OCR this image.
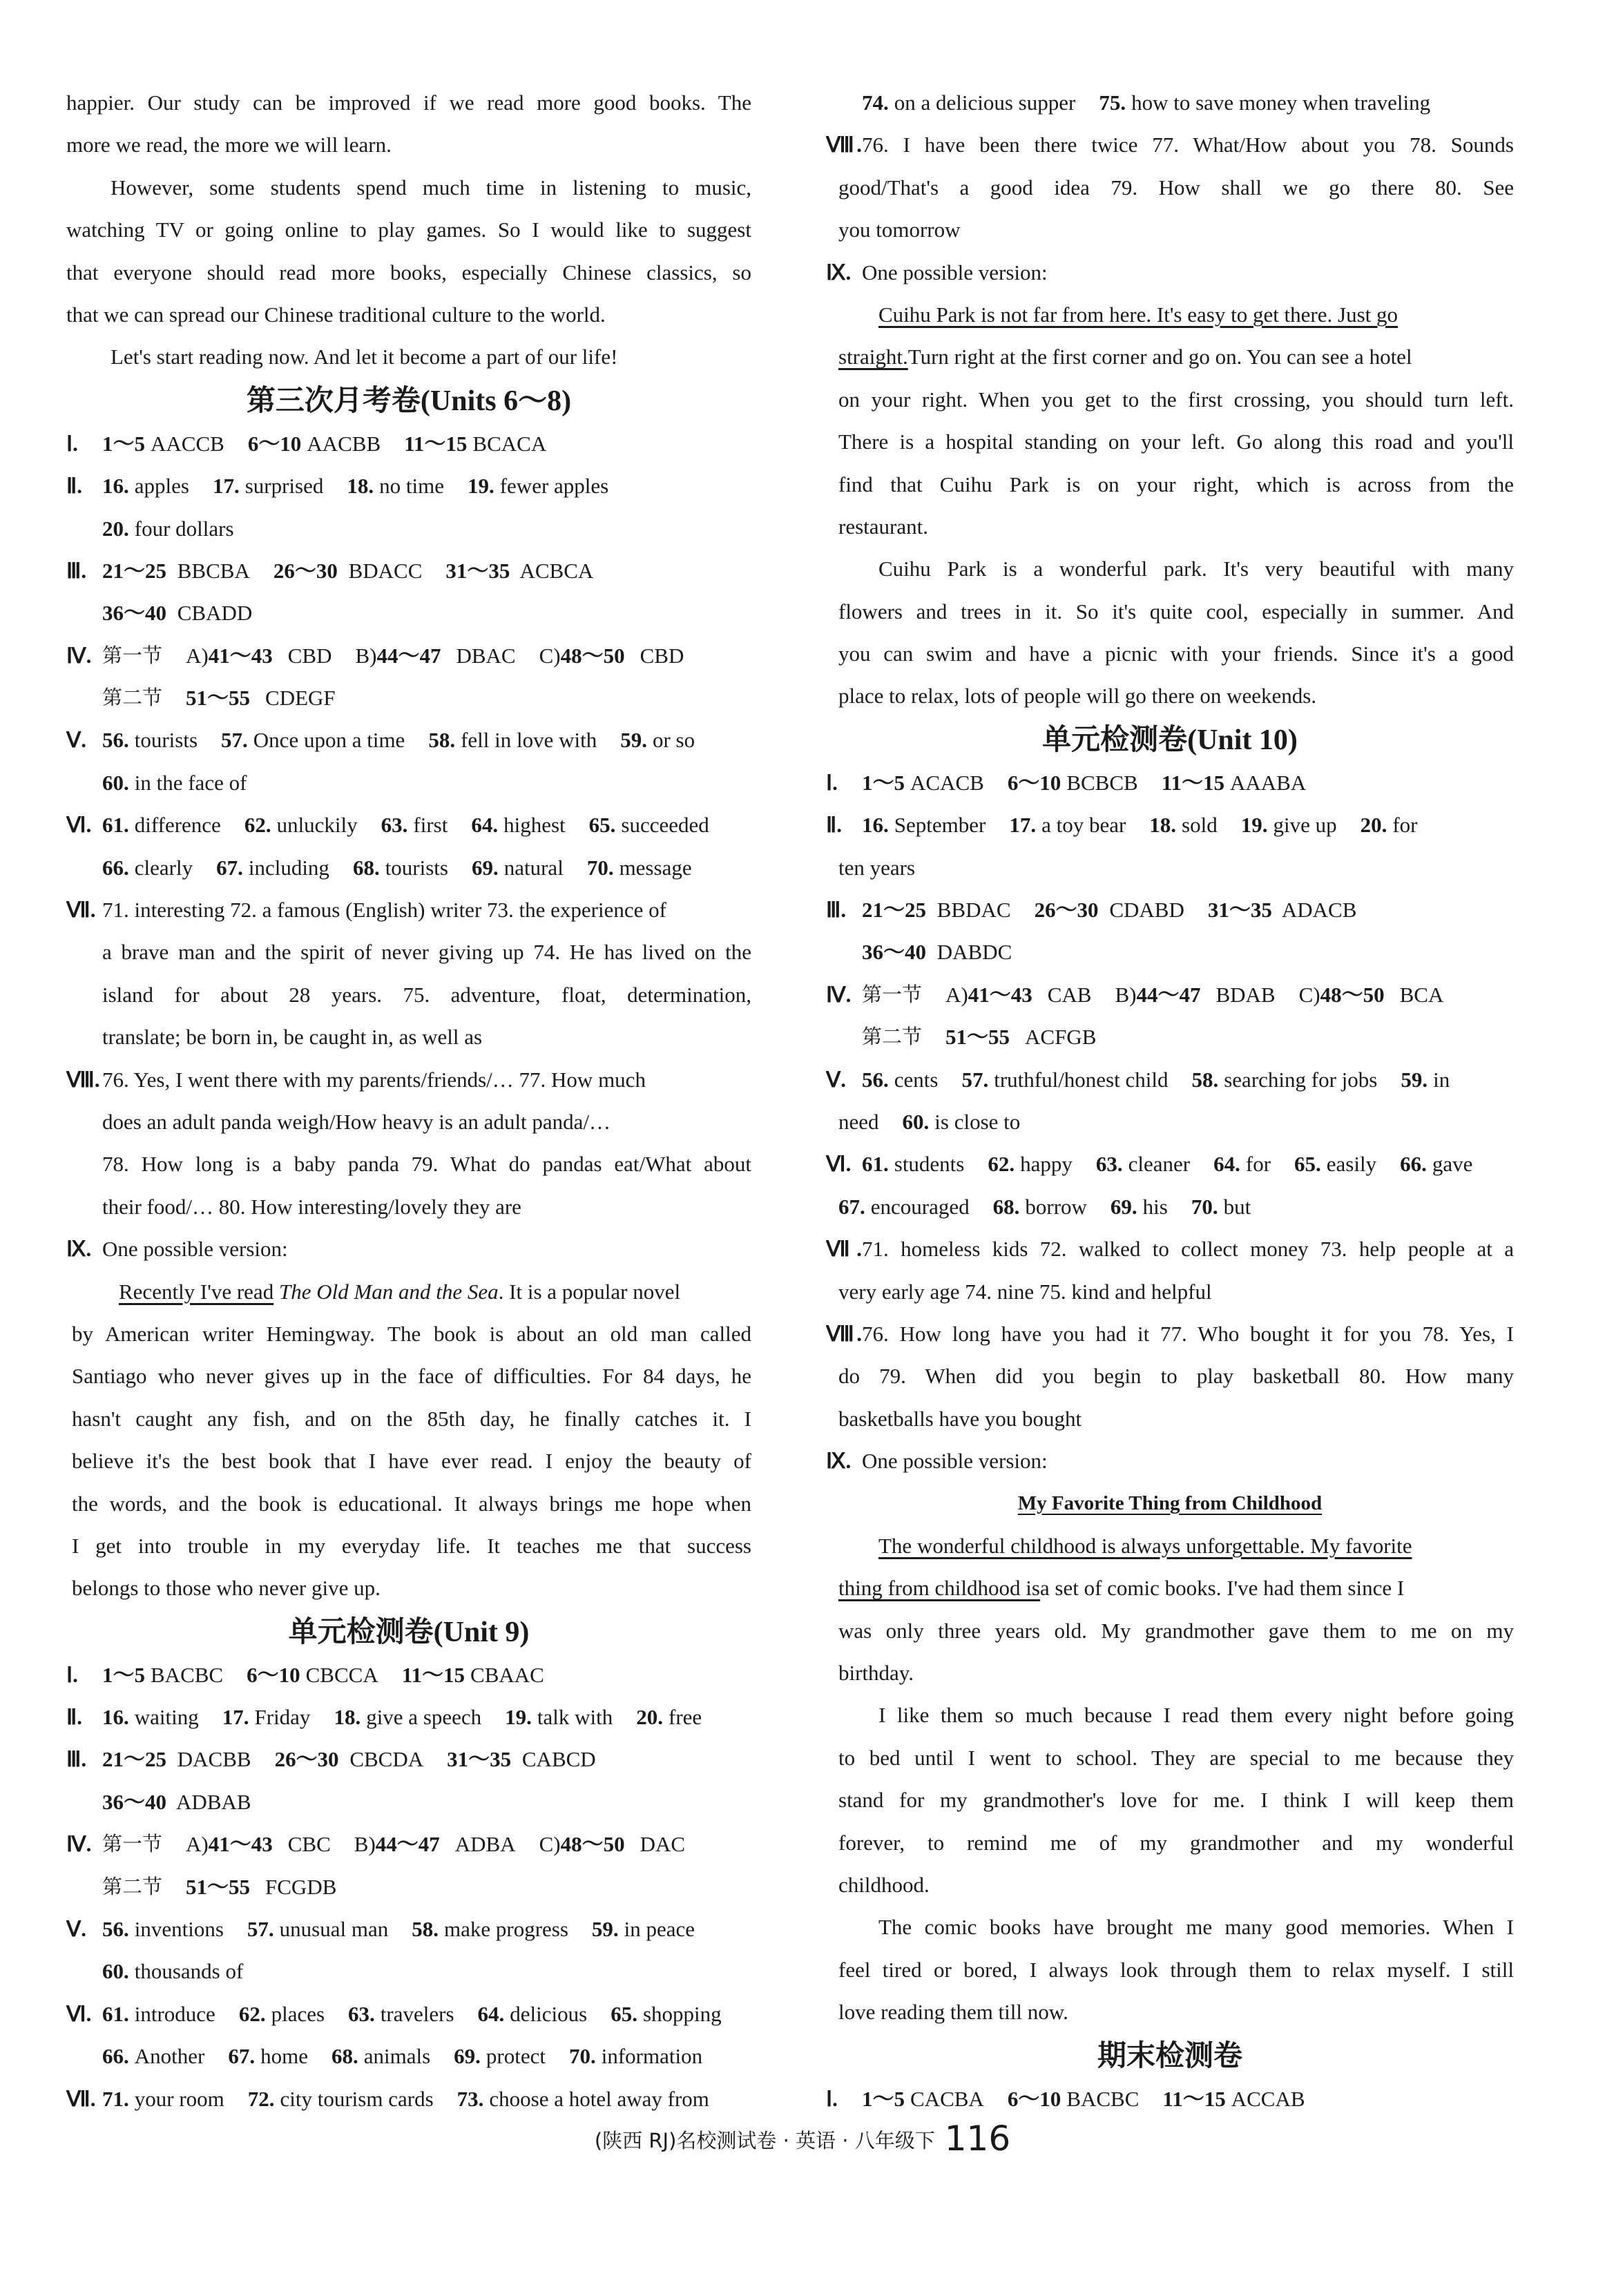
happier. Our study can be improved if we read more good books. The
more we read, the more we will learn.
However, some students spend much time in listening to music,
watching TV or going online to play games. So I would like to suggest
that everyone should read more books, especially Chinese classics, so
that we can spread our Chinese traditional culture to the world.
Let's start reading now. And let it become a part of our life!
第三次月考卷(Units 6～8)
Ⅰ.	1～5 AACCB 6～10 AACBB 11～15 BCACA
Ⅱ. 16. apples 17. surprised 18. no time 19. fewer apples
20. four dollars
Ⅲ. 21～25 BBCBA 26～30 BDACC 31～35 ACBCA
36～40 CBADD
Ⅳ. 第一节 A) 41～43 CBD B) 44～47 DBAC C) 48～50 CBD
第二节 51～55 CDEGF
Ⅴ. 56. tourists 57. Once upon a time 58. fell in love with 59. or so
60. in the face of
Ⅵ. 61. difference 62. unluckily 63. first 64. highest 65. succeeded
66. clearly 67. including 68. tourists 69. natural 70. message
Ⅶ. 71. interesting 72. a famous (English) writer 73. the experience of
a brave man and the spirit of never giving up 74. He has lived on the
island for about 28 years. 75. adventure, float, determination,
translate; be born in, be caught in, as well as
Ⅷ. 76. Yes, I went there with my parents/friends/… 77. How much
does an adult panda weigh/How heavy is an adult panda/…
78. How long is a baby panda 79. What do pandas eat/What about
their food/… 80. How interesting/lovely they are
Ⅸ. One possible version:
Recently I've read
The Old Man and the Sea . It is a popular novel
by American writer Hemingway. The book is about an old man called
Santiago who never gives up in the face of difficulties. For 84 days, he
hasn't caught any fish, and on the 85th day, he finally catches it. I
believe it's the best book that I have ever read. I enjoy the beauty of
the words, and the book is educational. It always brings me hope when
I get into trouble in my everyday life. It teaches me that success
belongs to those who never give up.
单元检测卷(Unit 9)
Ⅰ.	1～5 BACBC 6～10 CBCCA 11～15 CBAAC
Ⅱ. 16. waiting 17. Friday 18. give a speech 19. talk with 20. free
Ⅲ. 21～25 DACBB 26～30 CBCDA 31～35 CABCD
36～40 ADBAB
Ⅳ. 第一节 A) 41～43 CBC B) 44～47 ADBA C) 48～50 DAC
第二节 51～55 FCGDB
Ⅴ. 56. inventions 57. unusual man 58. make progress 59. in peace
60. thousands of
Ⅵ. 61. introduce 62. places 63. travelers 64. delicious 65. shopping
66. Another 67. home 68. animals 69. protect 70. information
Ⅶ. 71. your room 72. city tourism cards 73. choose a hotel away from
74. on a delicious supper 75. how to save money when traveling
Ⅷ.76. I have been there twice 77. What/How about you 78. Sounds
good/That's a good idea 79. How shall we go there 80. See
you tomorrow
Ⅸ. One possible version:
Cuihu Park is not far from here. It's easy to get there. Just go
straight. Turn right at the first corner and go on. You can see a hotel
on your right. When you get to the first crossing, you should turn left.
There is a hospital standing on your left. Go along this road and you'll
find that Cuihu Park is on your right, which is across from the
restaurant.
Cuihu Park is a wonderful park. It's very beautiful with many
flowers and trees in it. So it's quite cool, especially in summer. And
you can swim and have a picnic with your friends. Since it's a good
place to relax, lots of people will go there on weekends.
单元检测卷(Unit 10)
Ⅰ.	1～5 ACACB 6～10 BCBCB 11～15 AAABA
Ⅱ. 16. September 17. a toy bear 18. sold 19. give up 20. for
ten years
Ⅲ. 21～25 BBDAC 26～30 CDABD 31～35 ADACB
36～40 DABDC
Ⅳ. 第一节 A) 41～43 CAB B) 44～47 BDAB C) 48～50 BCA
第二节 51～55 ACFGB
Ⅴ. 56. cents 57. truthful/honest child 58. searching for jobs 59. in
need 60. is close to
Ⅵ. 61. students 62. happy 63. cleaner 64. for 65. easily 66. gave
67. encouraged 68. borrow 69. his 70. but
Ⅶ.71. homeless kids 72. walked to collect money 73. help people at a
very early age 74. nine 75. kind and helpful
Ⅷ.76. How long have you had it 77. Who bought it for you 78. Yes, I
do 79. When did you begin to play basketball 80. How many
basketballs have you bought
Ⅸ. One possible version:
My Favorite Thing from Childhood
The wonderful childhood is always unforgettable. My favorite
thing from childhood is a set of comic books. I've had them since I
was only three years old. My grandmother gave them to me on my
birthday.
I like them so much because I read them every night before going
to bed until I went to school. They are special to me because they
stand for my grandmother's love for me. I think I will keep them
forever, to remind me of my grandmother and my wonderful
childhood.
The comic books have brought me many good memories. When I
feel tired or bored, I always look through them to relax myself. I still
love reading them till now.
期末检测卷
Ⅰ.	1～5 CACBA 6～10 BACBC 11～15 ACCAB
(陕西 RJ)名校测试卷 · 英语 · 八年级下 116
